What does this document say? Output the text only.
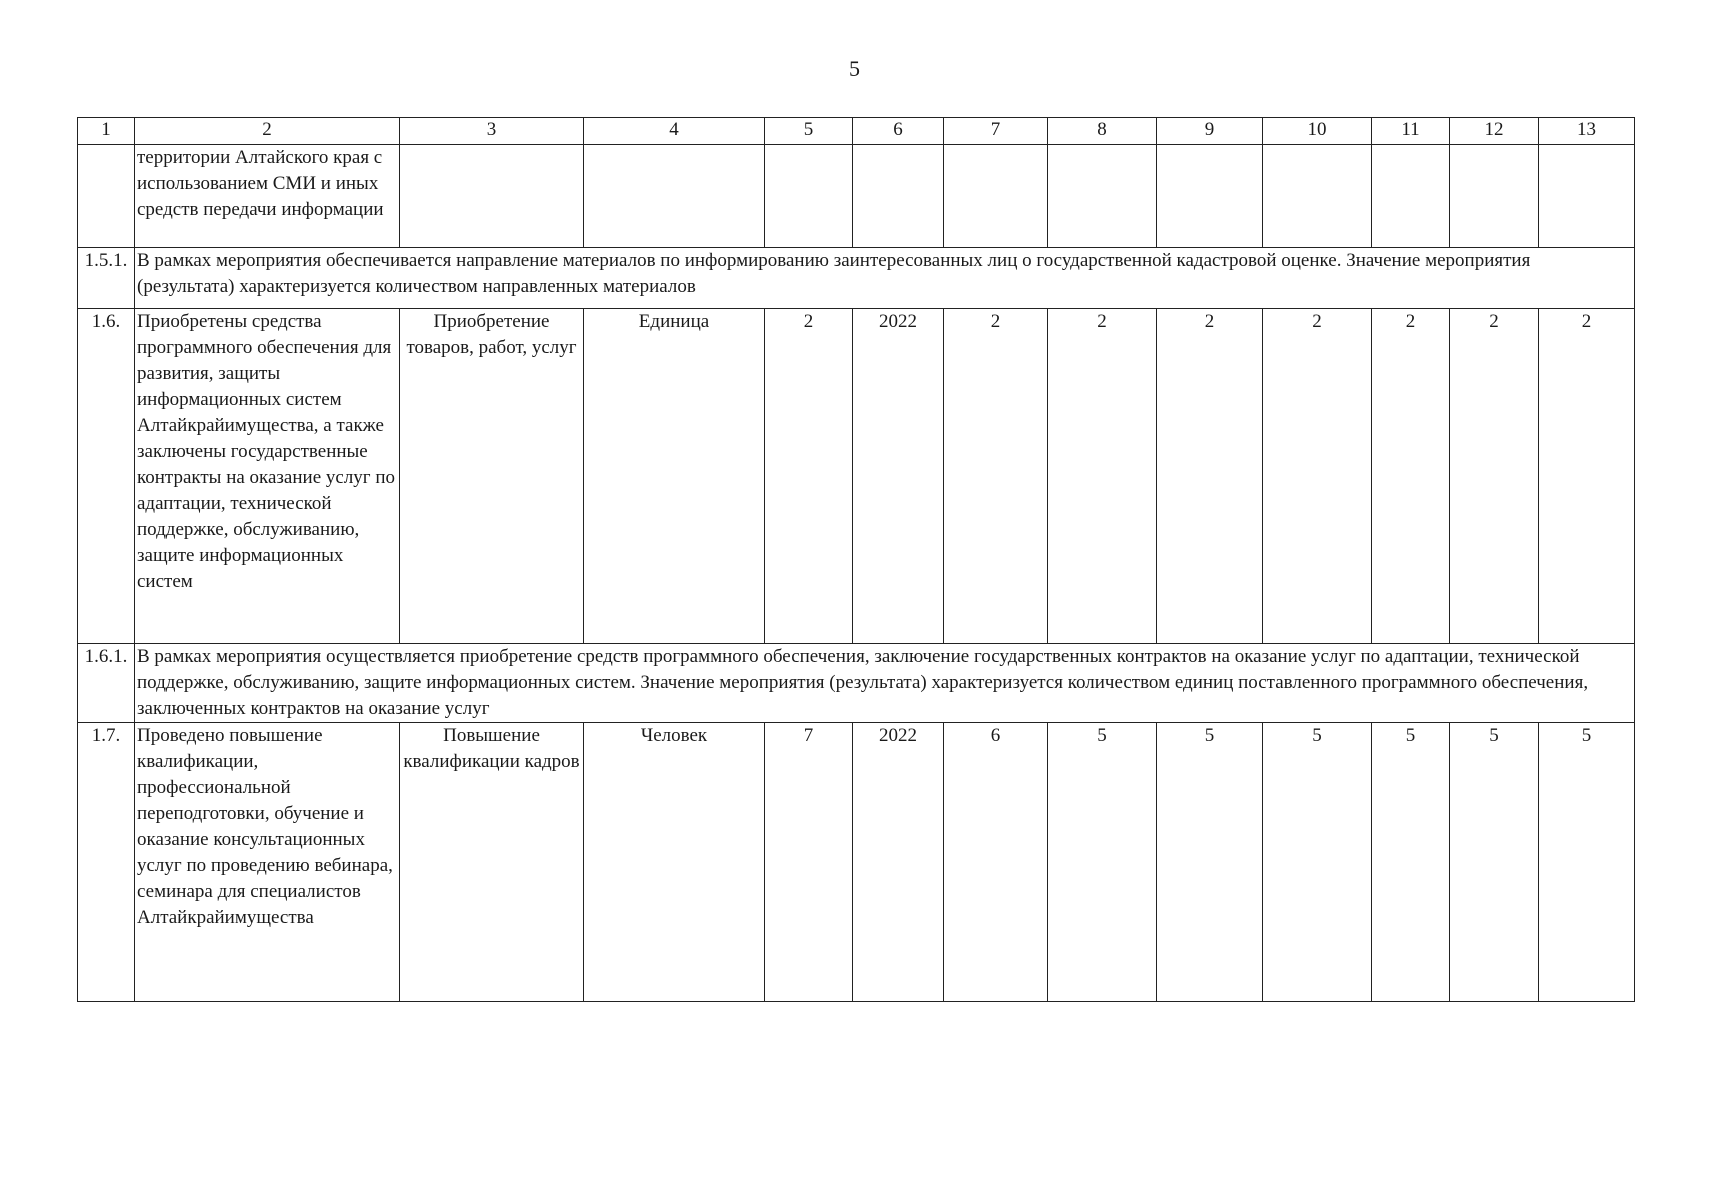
5
1	2	3	4	5	6	7	8	9	10	11	12	13
	территории Алтайского края с использованием СМИ и иных средств передачи информации											
1.5.1.	В рамках мероприятия обеспечивается направление материалов по информированию заинтересованных лиц о государственной кадастровой оценке. Значение мероприятия (результата) характеризуется количеством направленных материалов											
1.6.	Приобретены средства программного обеспечения для развития, защиты информационных систем Алтайкрайимущества, а также заключены государственные контракты на оказание услуг по адаптации, технической поддержке, обслуживанию, защите информационных систем	Приобретение товаров, работ, услуг	Единица	2	2022	2	2	2	2	2	2	2
1.6.1.	В рамках мероприятия осуществляется приобретение средств программного обеспечения, заключение государственных контрактов на оказание услуг по адаптации, технической поддержке, обслуживанию, защите информационных систем. Значение мероприятия (результата) характеризуется количеством единиц поставленного программного обеспечения, заключенных контрактов на оказание услуг											
1.7.	Проведено повышение квалификации, профессиональной переподготовки, обучение и оказание консультационных услуг по проведению вебинара, семинара для специалистов Алтайкрайимущества	Повышение квалификации кадров	Человек	7	2022	6	5	5	5	5	5	5
